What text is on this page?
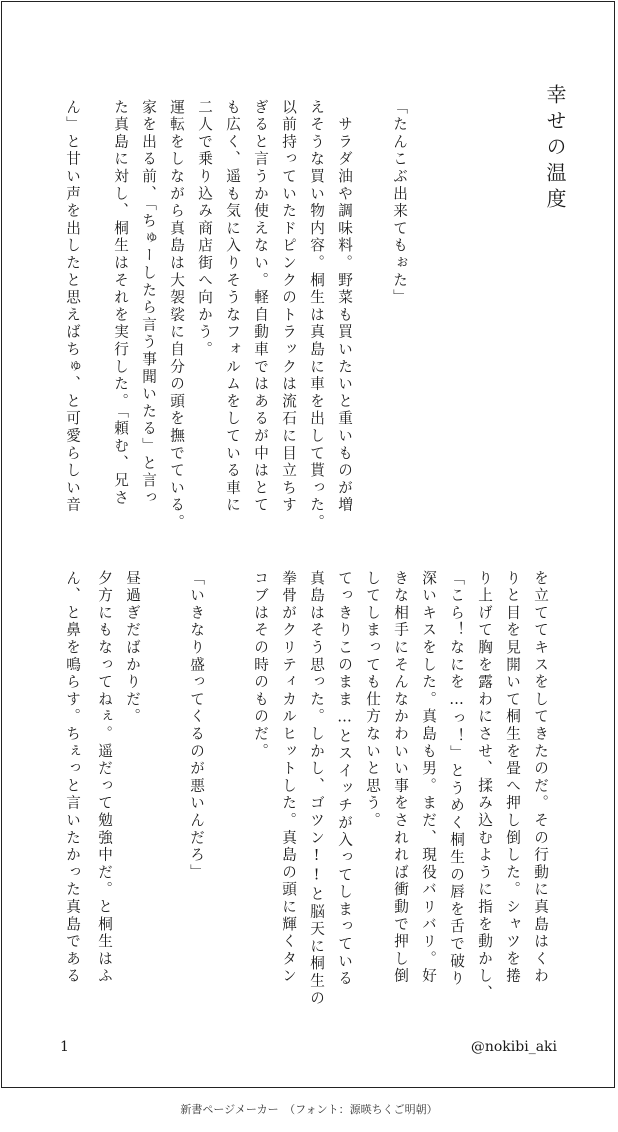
幸せの温度
「たんこぶ出来てもぉた」
　サラダ油や調味料。野菜も買いたいと重いものが増
えそうな買い物内容。桐生は真島に車を出して貰った。
以前持っていたドピンクのトラックは流石に目立ちす
ぎると言うか使えない。軽自動車ではあるが中はとて
も広く、遥も気に入りそうなフォルムをしている車に
二人で乗り込み商店街へ向かう。
運転をしながら真島は大袈裟に自分の頭を撫でている。
家を出る前、「ちゅーしたら言う事聞いたる」と言っ
た真島に対し、桐生はそれを実行した。「頼む、兄さ
ん」と甘い声を出したと思えばちゅ、と可愛らしい音
を立ててキスをしてきたのだ。その行動に真島はくわ
りと目を見開いて桐生を畳へ押し倒した。シャツを捲
り上げて胸を露わにさせ、揉み込むように指を動かし、
「こら！なにを…っ！」とうめく桐生の唇を舌で破り
深いキスをした。真島も男。まだ、現役バリバリ。好
きな相手にそんなかわいい事をされれば衝動で押し倒
してしまっても仕方ないと思う。
てっきりこのまま…とスイッチが入ってしまっている
真島はそう思った。しかし、ゴツン!!と脳天に桐生の
拳骨がクリティカルヒットした。真島の頭に輝くタン
コブはその時のものだ。
「いきなり盛ってくるのが悪いんだろ」
昼過ぎだばかりだ。
夕方にもなってねぇ。遥だって勉強中だ。と桐生はふ
ん、と鼻を鳴らす。ちぇっと言いたかった真島である
1	@nokibi_aki
新書ページメーカー　（フォント：源暎ちくご明朝）
